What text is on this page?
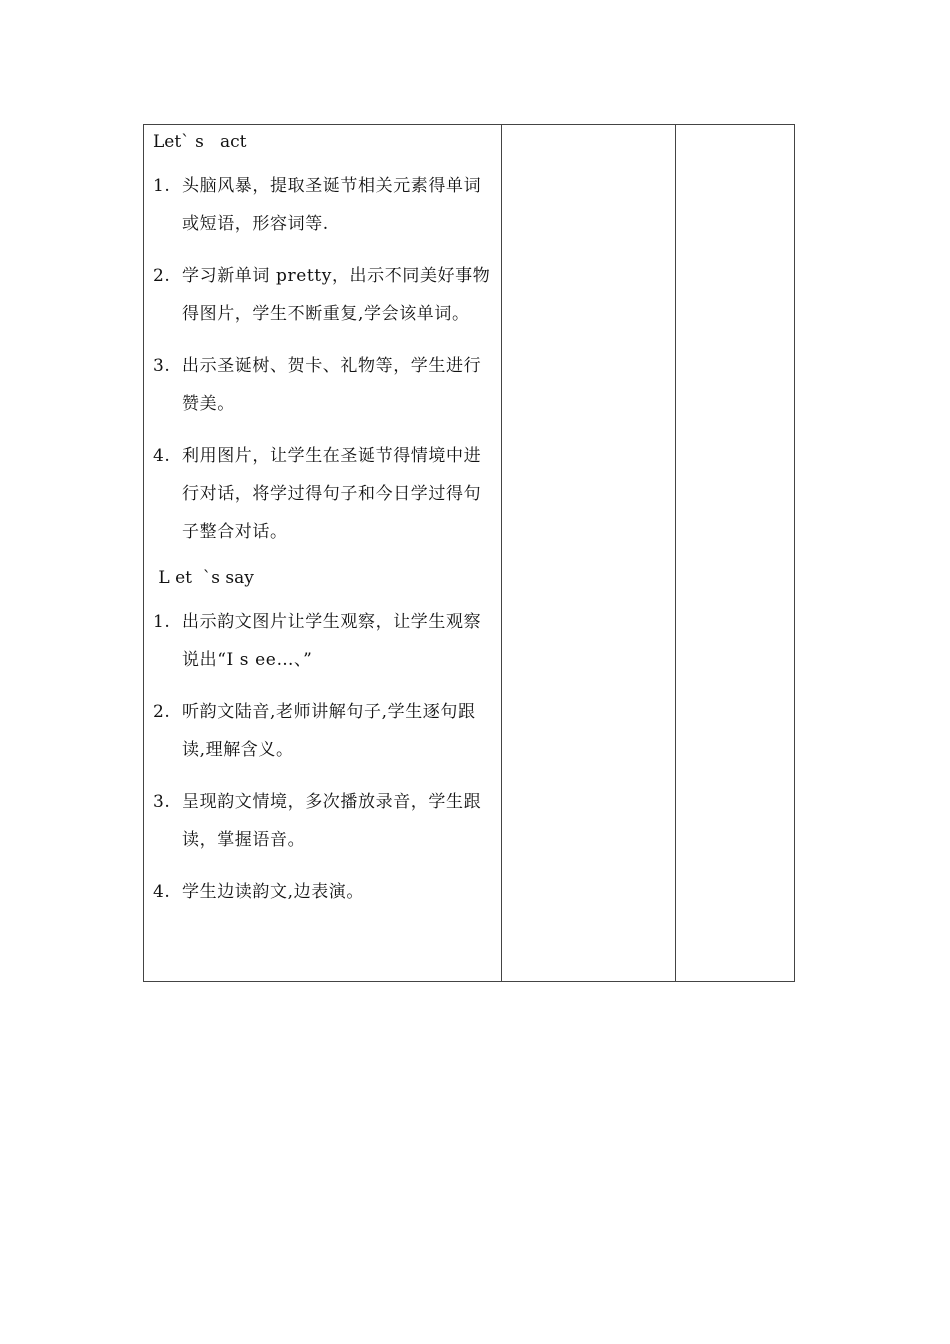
Let` s   act
1. 头脑风暴，提取圣诞节相关元素得单词或短语，形容词等.
2. 学习新单词 pretty，出示不同美好事物得图片，学生不断重复,学会该单词。
3. 出示圣诞树、贺卡、礼物等，学生进行赞美。
4. 利用图片，让学生在圣诞节得情境中进行对话，将学过得句子和今日学过得句子整合对话。
L et  `s say
1. 出示韵文图片让学生观察，让学生观察说出“I s ee…、”
2. 听韵文陆音,老师讲解句子,学生逐句跟读,理解含义。
3. 呈现韵文情境，多次播放录音，学生跟读，掌握语音。
4. 学生边读韵文,边表演。
